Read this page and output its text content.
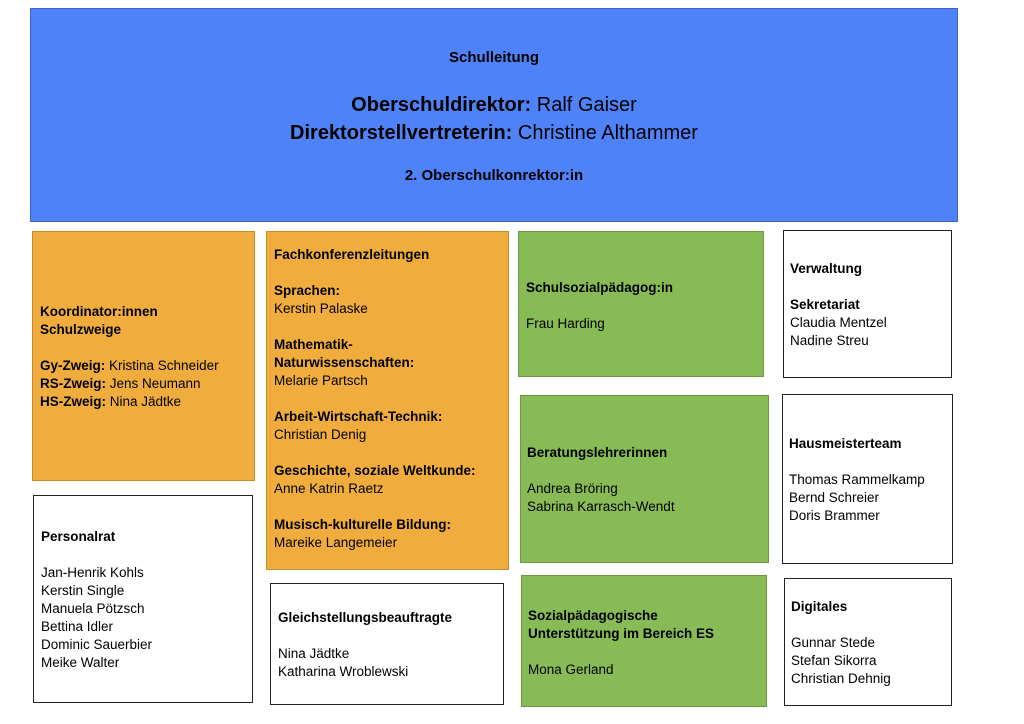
Schulleitung
Oberschuldirektor: Ralf Gaiser
Direktorstellvertreterin: Christine Althammer
2. Oberschulkonrektor:in
Koordinator:innen
Schulzweige
Gy-Zweig: Kristina Schneider
RS-Zweig: Jens Neumann
HS-Zweig: Nina Jädtke
Fachkonferenzleitungen
Sprachen:
Kerstin Palaske
Mathematik-
Naturwissenschaften:
Melarie Partsch
Arbeit-Wirtschaft-Technik:
Christian Denig
Geschichte, soziale Weltkunde:
Anne Katrin Raetz
Musisch-kulturelle Bildung:
Mareike Langemeier
Schulsozialpädagog:in
Frau Harding
Beratungslehrerinnen
Andrea Bröring
Sabrina Karrasch-Wendt
Sozialpädagogische
Unterstützung im Bereich ES
Mona Gerland
Verwaltung
Sekretariat
Claudia Mentzel
Nadine Streu
Hausmeisterteam
Thomas Rammelkamp
Bernd Schreier
Doris Brammer
Digitales
Gunnar Stede
Stefan Sikorra
Christian Dehnig
Personalrat
Jan-Henrik Kohls
Kerstin Single
Manuela Pötzsch
Bettina Idler
Dominic Sauerbier
Meike Walter
Gleichstellungsbeauftragte
Nina Jädtke
Katharina Wroblewski
